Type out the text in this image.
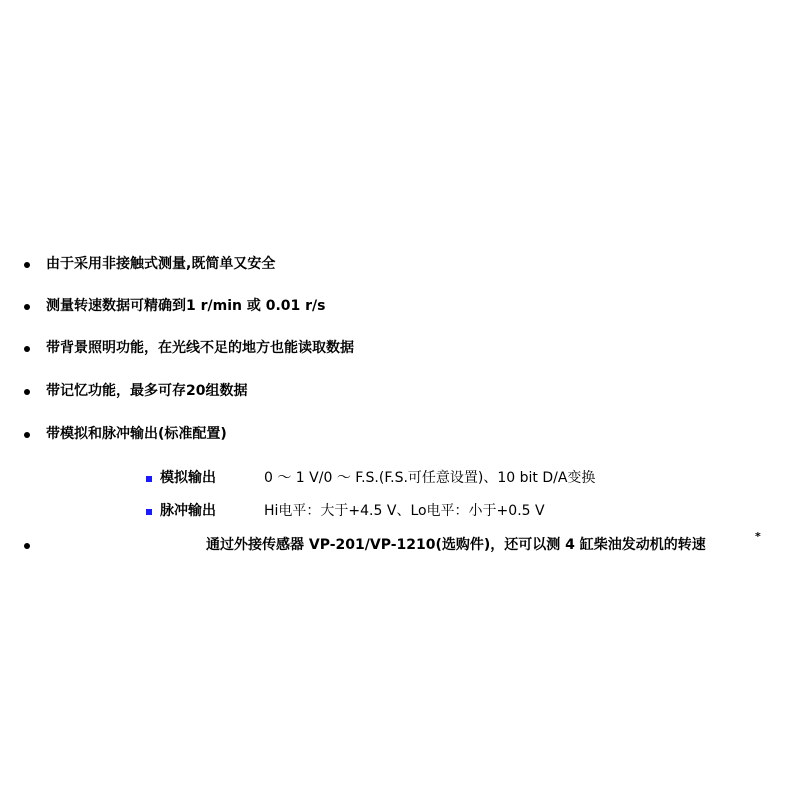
由于采用非接触式测量,既简单又安全
测量转速数据可精确到1 r/min 或 0.01 r/s
带背景照明功能，在光线不足的地方也能读取数据
带记忆功能，最多可存20组数据
带模拟和脉冲输出(标准配置)
模拟输出	0 ～ 1 V/0 ～ F.S.(F.S.可任意设置)、10 bit D/A变换
脉冲输出	Hi电平：大于+4.5 V、Lo电平：小于+0.5 V
通过外接传感器 VP-201/VP-1210(选购件)，还可以测 4 缸柴油发动机的转速
*
